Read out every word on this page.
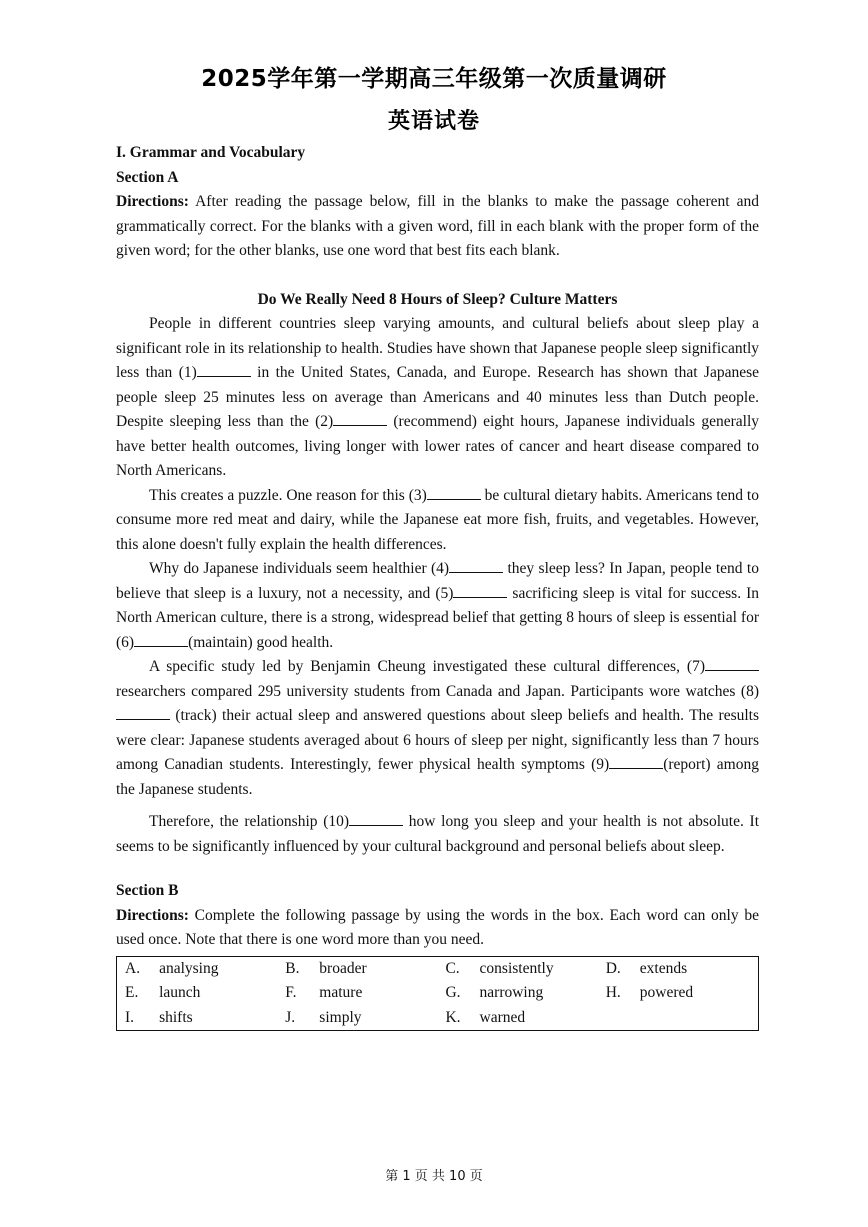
2025学年第一学期高三年级第一次质量调研
英语试卷

I. Grammar and Vocabulary

Section A

Directions: After reading the passage below, fill in the blanks to make the passage coherent and grammatically correct. For the blanks with a given word, fill in each blank with the proper form of the given word; for the other blanks, use one word that best fits each blank.

Do We Really Need 8 Hours of Sleep? Culture Matters

People in different countries sleep varying amounts, and cultural beliefs about sleep play a significant role in its relationship to health. Studies have shown that Japanese people sleep significantly less than (1)	in the United States, Canada, and Europe. Research has shown that Japanese people sleep 25 minutes less on average than Americans and 40 minutes less than Dutch people. Despite sleeping less than the (2)	(recommend) eight hours, Japanese individuals generally have better health outcomes, living longer with lower rates of cancer and heart disease compared to North Americans.

This creates a puzzle. One reason for this (3)	be cultural dietary habits. Americans tend to consume more red meat and dairy, while the Japanese eat more fish, fruits, and vegetables. However, this alone doesn't fully explain the health differences.

Why do Japanese individuals seem healthier (4)	they sleep less? In Japan, people tend to believe that sleep is a luxury, not a necessity, and (5)	sacrificing sleep is vital for success. In North American culture, there is a strong, widespread belief that getting 8 hours of sleep is essential for (6)	(maintain) good health.

A specific study led by Benjamin Cheung investigated these cultural differences, (7) researchers compared 295 university students from Canada and Japan. Participants wore watches (8) (track) their actual sleep and answered questions about sleep beliefs and health. The results were clear: Japanese students averaged about 6 hours of sleep per night, significantly less than 7 hours among Canadian students. Interestingly, fewer physical health symptoms (9)	(report) among the Japanese students.

Therefore, the relationship (10)	how long you sleep and your health is not absolute. It seems to be significantly influenced by your cultural background and personal beliefs about sleep.

Section B

Directions: Complete the following passage by using the words in the box. Each word can only be used once. Note that there is one word more than you need.

A.	analysing	B.	broader	C.	consistently	D.	extends
E.	launch	F.	mature	G.	narrowing	H.	powered
I.	shifts	J.	simply	K.	warned		
第 1 页 共 10 页
